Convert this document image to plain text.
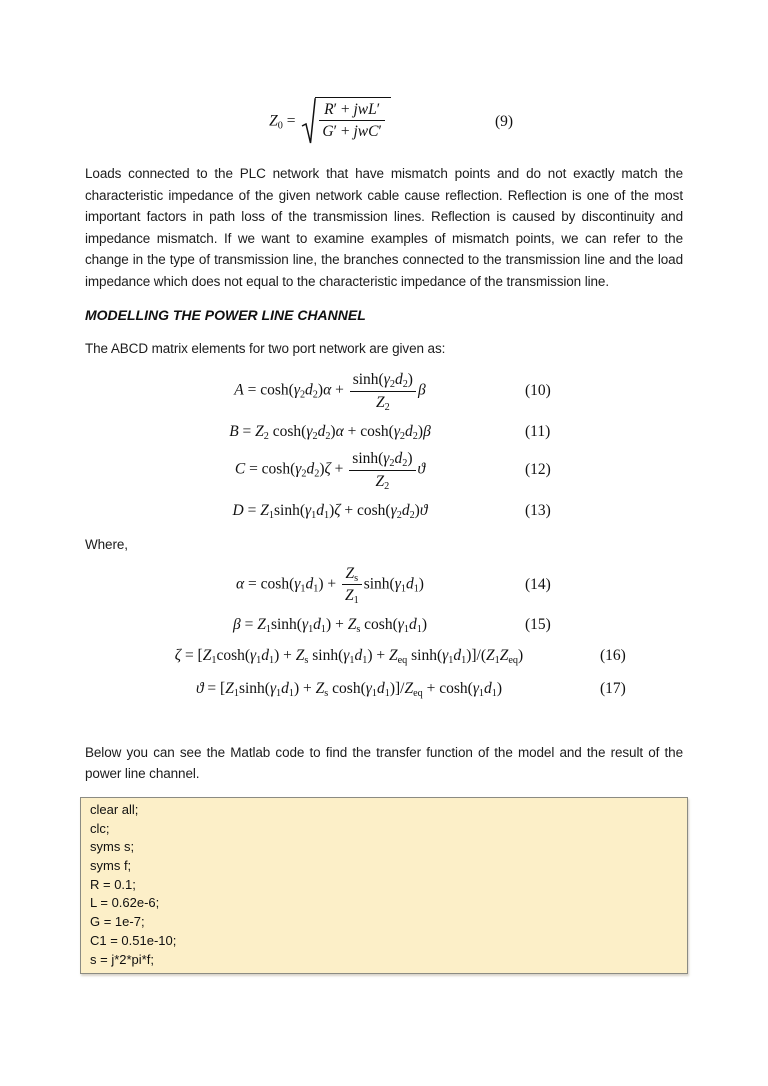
$Z_0 = \frac{\text{R′ + jwL′}}{\text{G′ + jwC′}}$	(9)

Loads connected to the PLC network that have mismatch points and do not exactly match the characteristic impedance of the given network cable cause reflection. Reflection is one of the most important factors in path loss of the transmission lines. Reflection is caused by discontinuity and impedance mismatch. If we want to examine examples of mismatch points, we can refer to the change in the type of transmission line, the branches connected to the transmission line and the load impedance which does not equal to the characteristic impedance of the transmission line.

MODELLING THE POWER LINE CHANNEL

The ABCD matrix elements for two port network are given as:

$A = \cosh(\gamma_2d_2)\alpha + \frac{\sinh(\gamma_2d_2)}{Z_2}$ β	(10)
$B = Z_2$ $\cosh(\gamma_2d_2)\alpha + \cosh(\gamma_2d_2)\beta$	(11)
$C = \cosh(\gamma_2d_2)\zeta + \frac{\sinh(\gamma_2d_2)}{Z_2}$ ϑ	(12)
$D = Z_1\sinh(\gamma_1d_1)\zeta + \cosh(\gamma_2d_2)ϑ$	(13)

Where,

$\alpha = \cosh(\gamma_1d_1) + \frac{Z_s}{Z_1} \sinh(\gamma_1d_1)$	(14)
$\beta = Z_1\sinh(\gamma_1d_1) + Z_s$ $\cosh(\gamma_1d_1)$	(15)
$\zeta = [Z_1\cosh(\gamma_1d_1) + Z_s$ $\sinh(\gamma_1d_1) + Z_{eq}$ $\sinh(\gamma_1d_1)]/(Z_1Z_{eq})$	(16)
$ϑ = [Z_1\sinh(\gamma_1d_1) + Z_s$ $\cosh(\gamma_1d_1)]/Z_{eq} + \cosh(\gamma_1d_1)$	(17)

Below you can see the Matlab code to find the transfer function of the model and the result of the power line channel.

clear all;
clc;
syms s;
syms f;
R = 0.1;
L = 0.62e-6;
G = 1e-7;
C1 = 0.51e-10;
s = j*2*pi*f;
